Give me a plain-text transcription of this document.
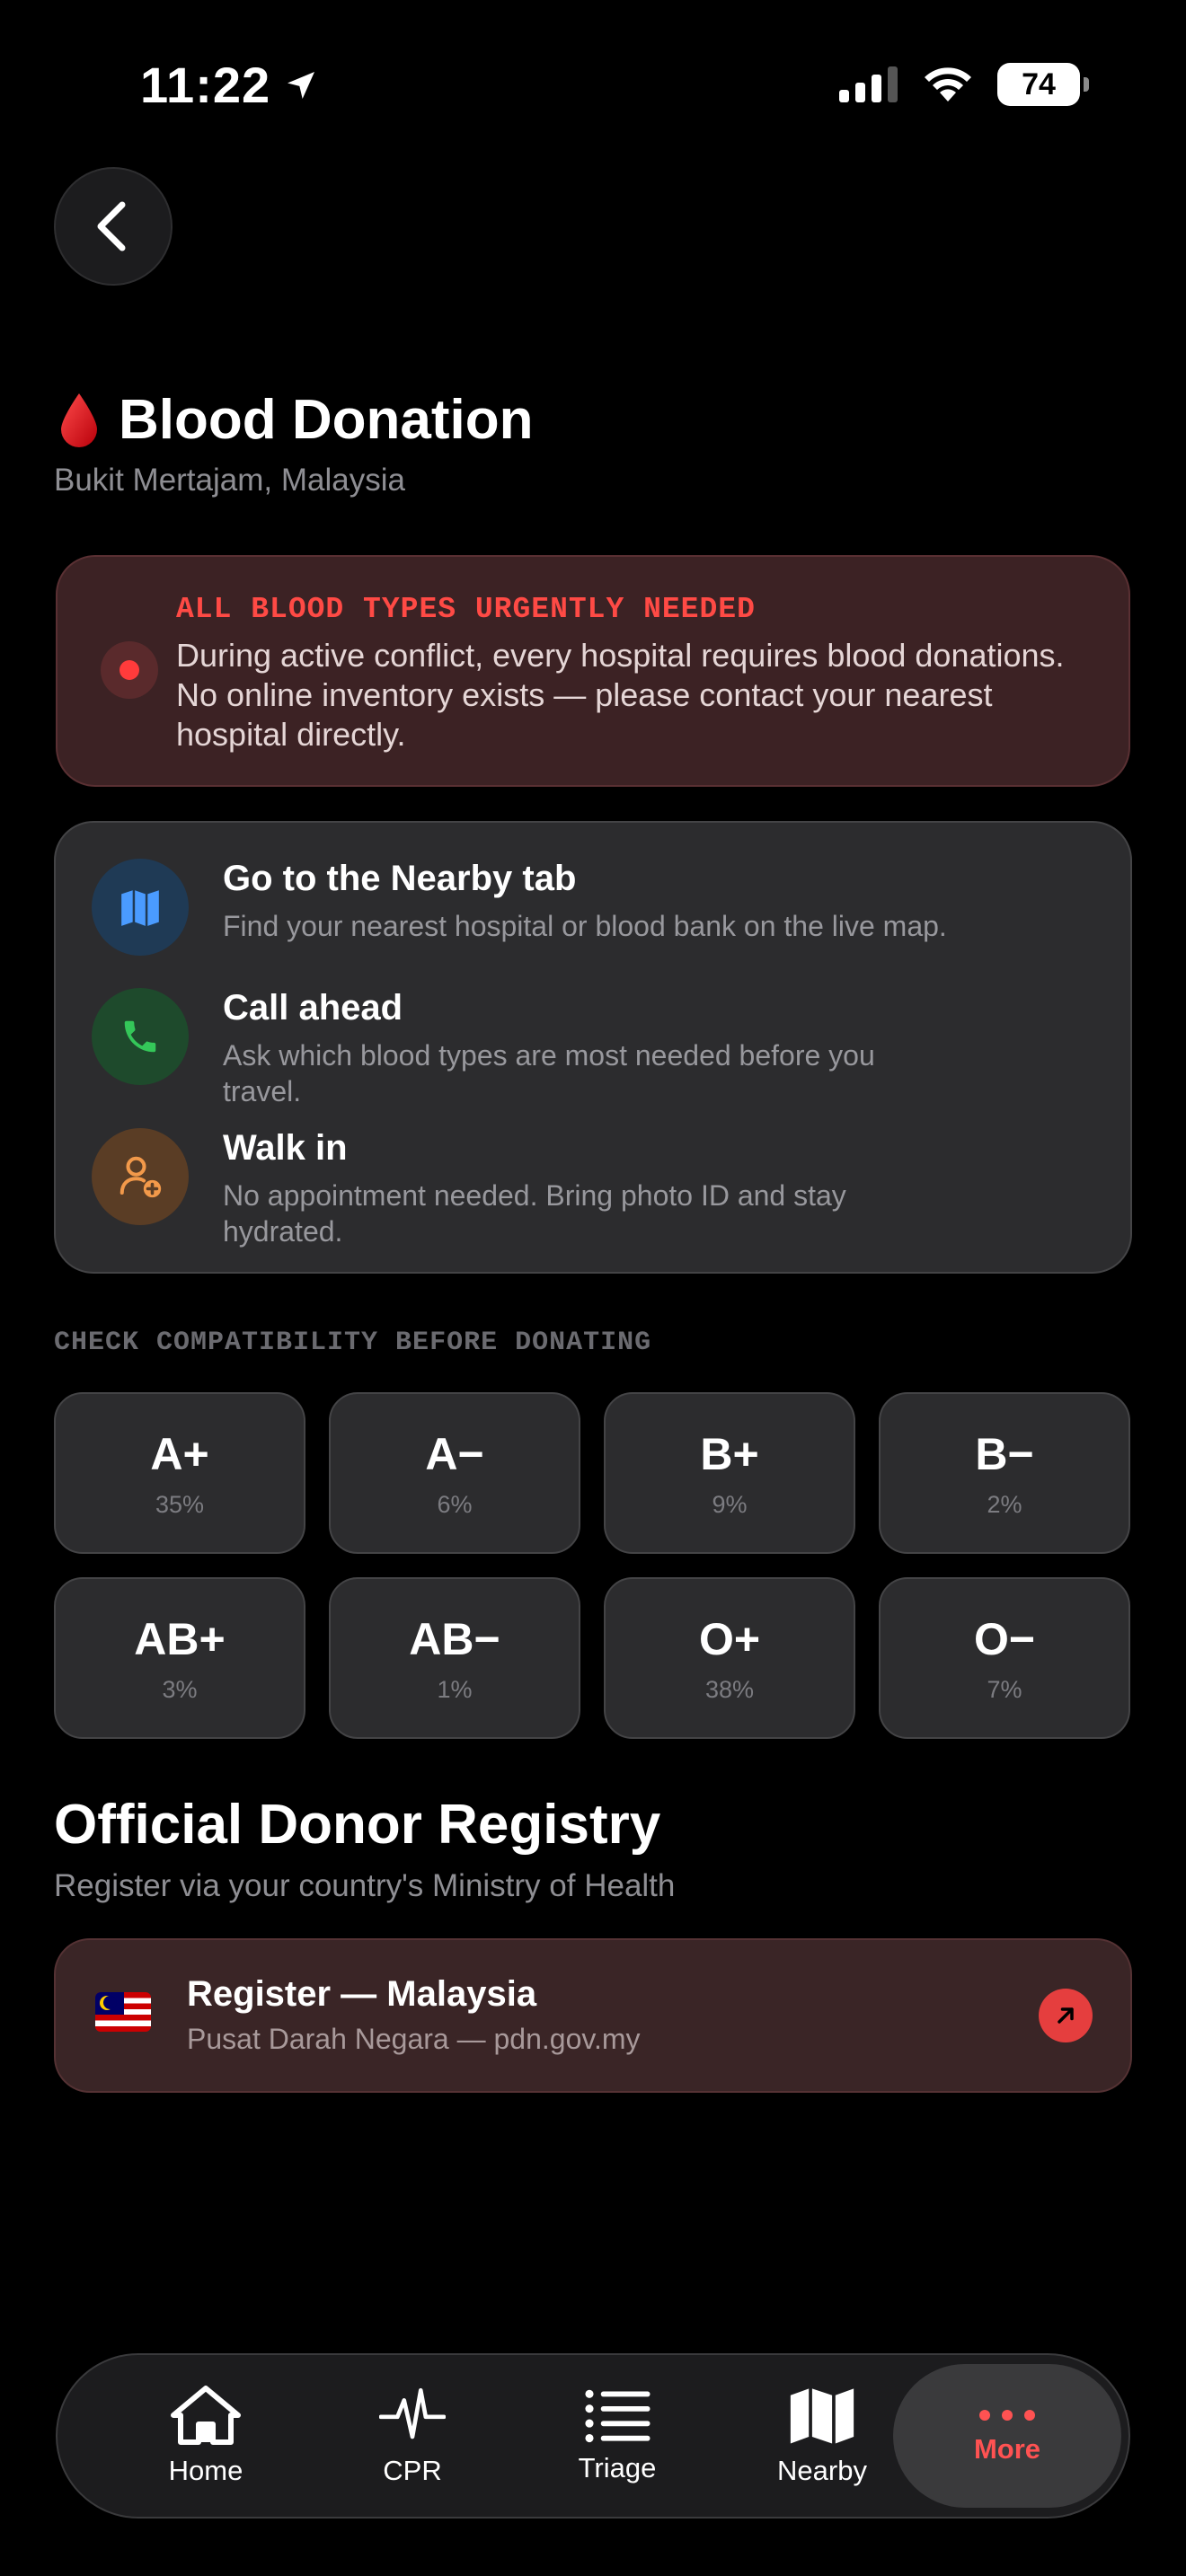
11:22	74
Blood Donation
Bukit Mertajam, Malaysia
ALL BLOOD TYPES URGENTLY NEEDED
During active conflict, every hospital requires blood donations. No online inventory exists — please contact your nearest hospital directly.
Go to the Nearby tab
Find your nearest hospital or blood bank on the live map.
Call ahead
Ask which blood types are most needed before you travel.
Walk in
No appointment needed. Bring photo ID and stay hydrated.
CHECK COMPATIBILITY BEFORE DONATING
A+
35%
A−
6%
B+
9%
B−
2%
AB+
3%
AB−
1%
O+
38%
O−
7%
Official Donor Registry
Register via your country's Ministry of Health
Register — Malaysia
Pusat Darah Negara — pdn.gov.my
Home	CPR	Triage	Nearby
More
